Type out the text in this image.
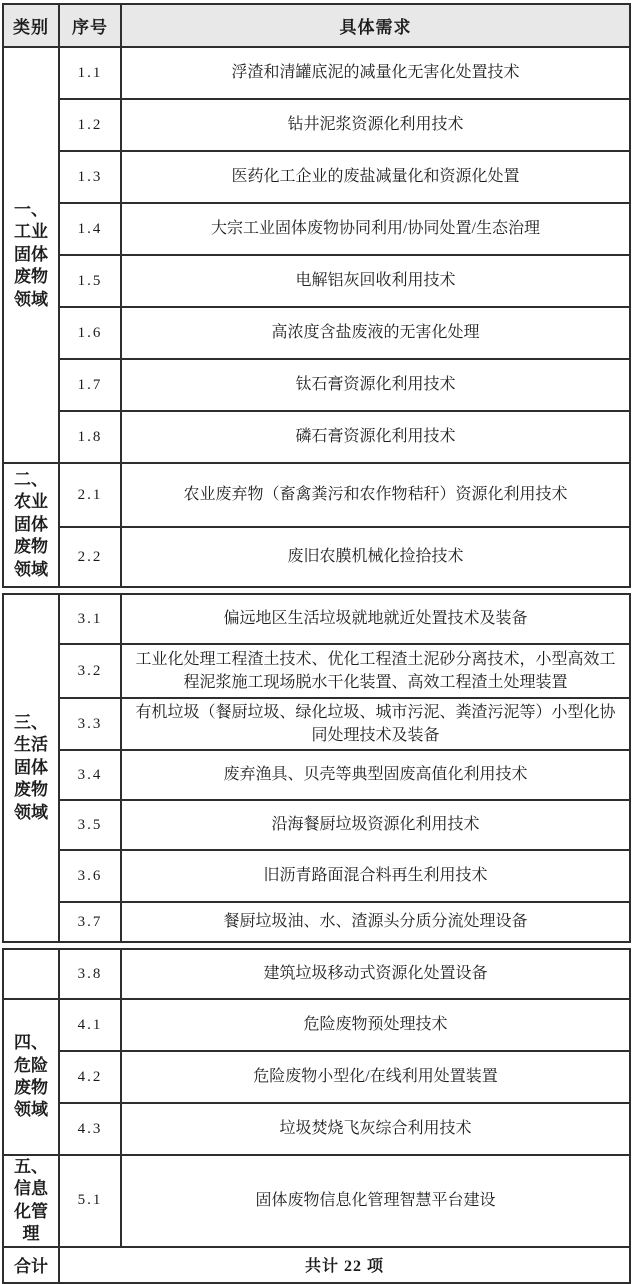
类别	序号	具体需求
一、工业固体废物领域	1.1	浮渣和清罐底泥的减量化无害化处置技术
	1.2	钻井泥浆资源化利用技术
	1.3	医药化工企业的废盐减量化和资源化处置
	1.4	大宗工业固体废物协同利用/协同处置/生态治理
	1.5	电解铝灰回收利用技术
	1.6	高浓度含盐废液的无害化处理
	1.7	钛石膏资源化利用技术
	1.8	磷石膏资源化利用技术
二、农业固体废物领域	2.1	农业废弃物（畜禽粪污和农作物秸秆）资源化利用技术
	2.2	废旧农膜机械化捡拾技术
三、生活固体废物领域	3.1	偏远地区生活垃圾就地就近处置技术及装备
	3.2	工业化处理工程渣土技术、优化工程渣土泥砂分离技术，小型高效工程泥浆施工现场脱水干化装置、高效工程渣土处理装置
	3.3	有机垃圾（餐厨垃圾、绿化垃圾、城市污泥、粪渣污泥等）小型化协同处理技术及装备
	3.4	废弃渔具、贝壳等典型固废高值化利用技术
	3.5	沿海餐厨垃圾资源化利用技术
	3.6	旧沥青路面混合料再生利用技术
	3.7	餐厨垃圾油、水、渣源头分质分流处理设备
	3.8	建筑垃圾移动式资源化处置设备
四、危险废物领域	4.1	危险废物预处理技术
	4.2	危险废物小型化/在线利用处置装置
	4.3	垃圾焚烧飞灰综合利用技术
五、信息化管理	5.1	固体废物信息化管理智慧平台建设
合计	共计 22 项	
